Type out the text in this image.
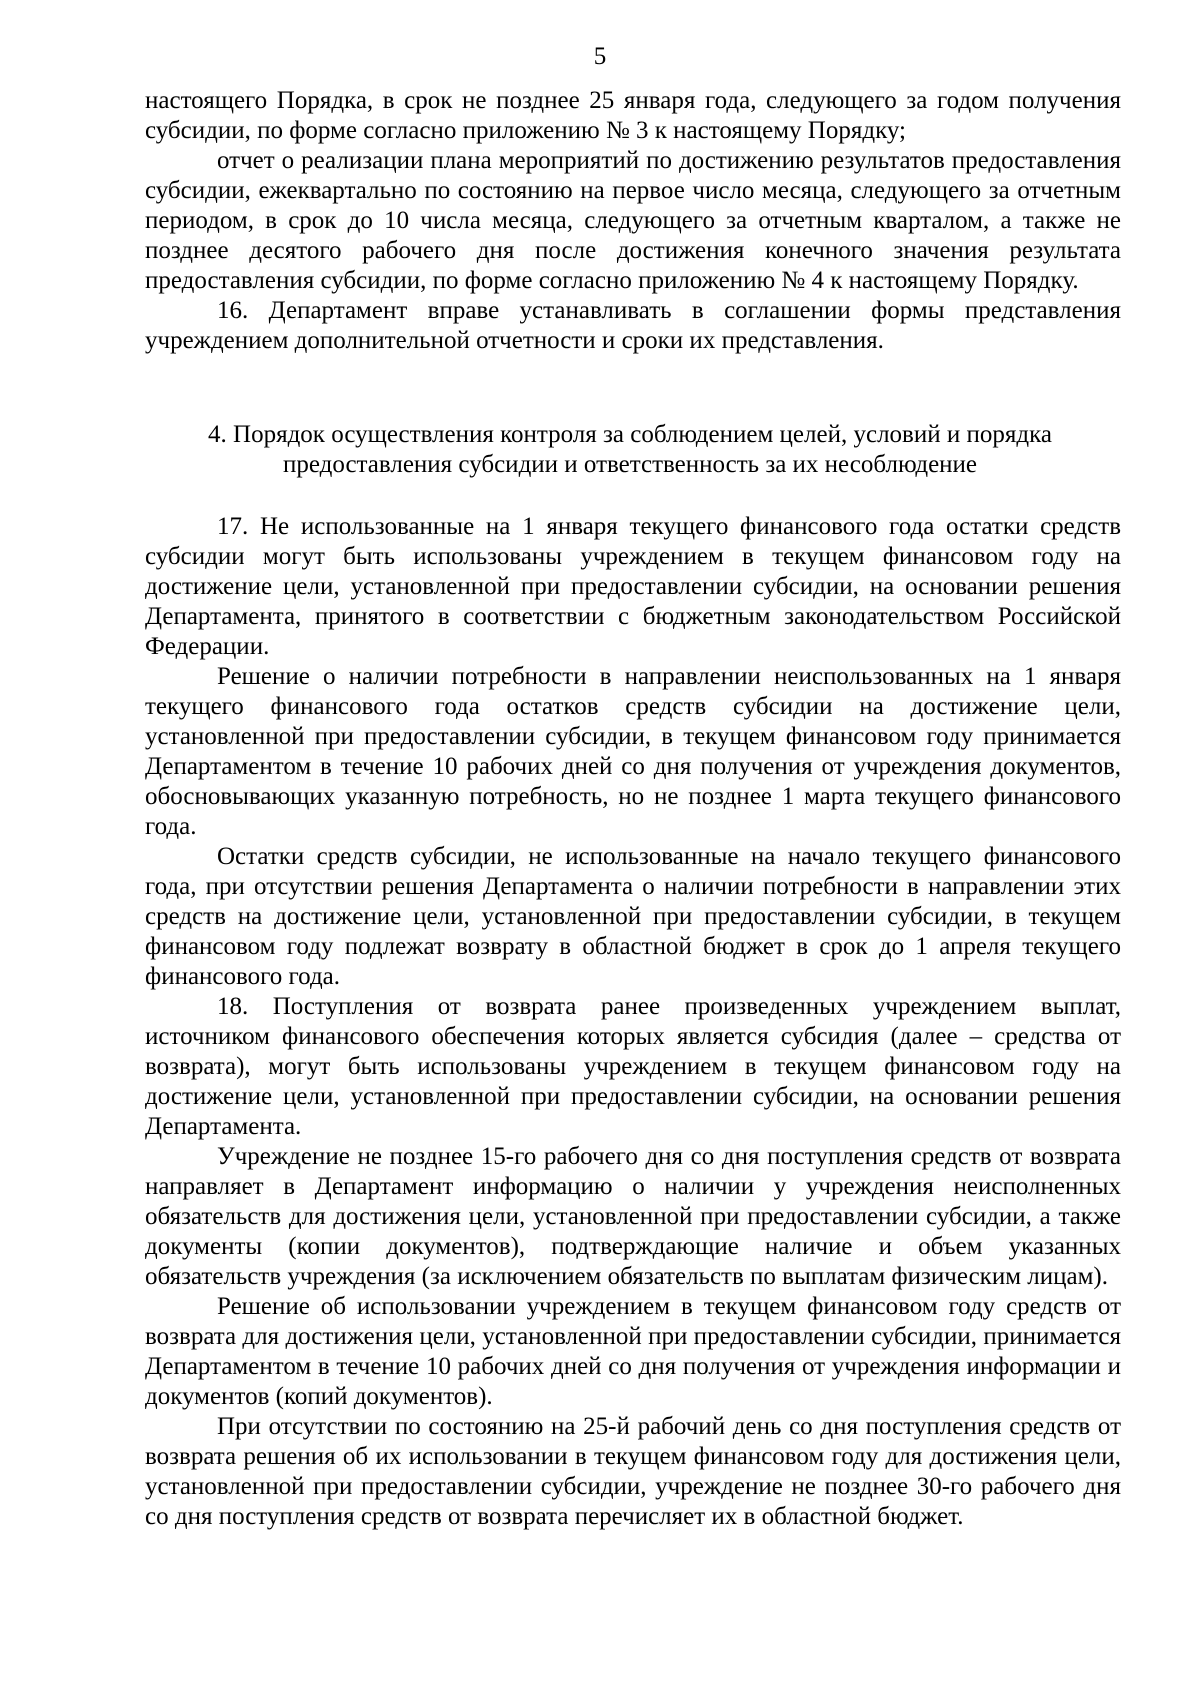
5

настоящего Порядка, в срок не позднее 25 января года, следующего за годом получения субсидии, по форме согласно приложению № 3 к настоящему Порядку;

отчет о реализации плана мероприятий по достижению результатов предоставления субсидии, ежеквартально по состоянию на первое число месяца, следующего за отчетным периодом, в срок до 10 числа месяца, следующего за отчетным кварталом, а также не позднее десятого рабочего дня после достижения конечного значения результата предоставления субсидии, по форме согласно приложению № 4 к настоящему Порядку.

16. Департамент вправе устанавливать в соглашении формы представления учреждением дополнительной отчетности и сроки их представления.

4. Порядок осуществления контроля за соблюдением целей, условий и порядка предоставления субсидии и ответственность за их несоблюдение

17. Не использованные на 1 января текущего финансового года остатки средств субсидии могут быть использованы учреждением в текущем финансовом году на достижение цели, установленной при предоставлении субсидии, на основании решения Департамента, принятого в соответствии с бюджетным законодательством Российской Федерации.

Решение о наличии потребности в направлении неиспользованных на 1 января текущего финансового года остатков средств субсидии на достижение цели, установленной при предоставлении субсидии, в текущем финансовом году принимается Департаментом в течение 10 рабочих дней со дня получения от учреждения документов, обосновывающих указанную потребность, но не позднее 1 марта текущего финансового года.

Остатки средств субсидии, не использованные на начало текущего финансового года, при отсутствии решения Департамента о наличии потребности в направлении этих средств на достижение цели, установленной при предоставлении субсидии, в текущем финансовом году подлежат возврату в областной бюджет в срок до 1 апреля текущего финансового года.

18. Поступления от возврата ранее произведенных учреждением выплат, источником финансового обеспечения которых является субсидия (далее – средства от возврата), могут быть использованы учреждением в текущем финансовом году на достижение цели, установленной при предоставлении субсидии, на основании решения Департамента.

Учреждение не позднее 15-го рабочего дня со дня поступления средств от возврата направляет в Департамент информацию о наличии у учреждения неисполненных обязательств для достижения цели, установленной при предоставлении субсидии, а также документы (копии документов), подтверждающие наличие и объем указанных обязательств учреждения (за исключением обязательств по выплатам физическим лицам).

Решение об использовании учреждением в текущем финансовом году средств от возврата для достижения цели, установленной при предоставлении субсидии, принимается Департаментом в течение 10 рабочих дней со дня получения от учреждения информации и документов (копий документов).

При отсутствии по состоянию на 25-й рабочий день со дня поступления средств от возврата решения об их использовании в текущем финансовом году для достижения цели, установленной при предоставлении субсидии, учреждение не позднее 30-го рабочего дня со дня поступления средств от возврата перечисляет их в областной бюджет.
